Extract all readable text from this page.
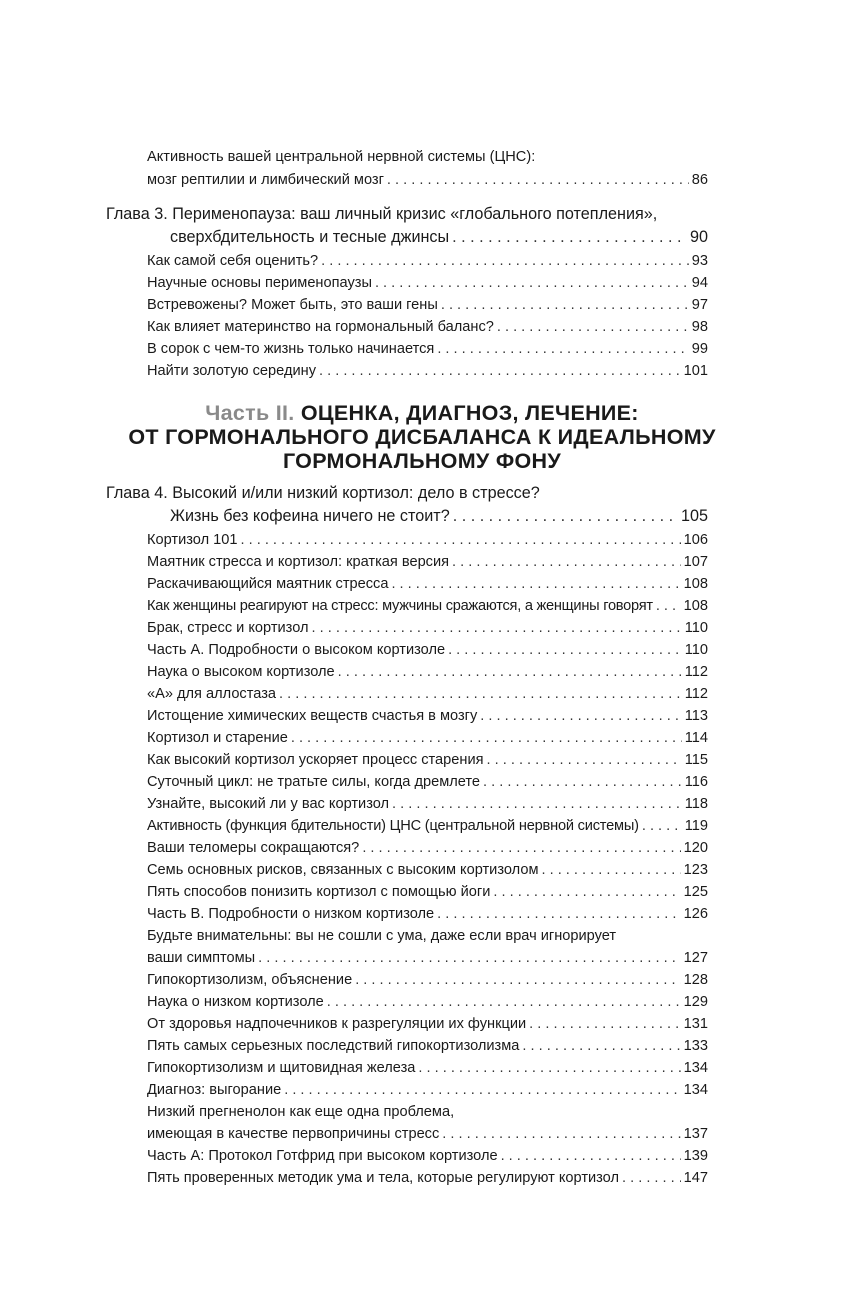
Активность вашей центральной нервной системы (ЦНС):
мозг рептилии и лимбический мозг . . .	86
Глава 3. Перименопауза: ваш личный кризис «глобального потепления»,
сверхбдительность и тесные джинсы . . .	90
Как самой себя оценить? . . .	93
Научные основы перименопаузы . . .	94
Встревожены? Может быть, это ваши гены . . .	97
Как влияет материнство на гормональный баланс? . . .	98
В сорок с чем-то жизнь только начинается . . .	99
Найти золотую середину . . .	101
Часть II. ОЦЕНКА, ДИАГНОЗ, ЛЕЧЕНИЕ:
ОТ ГОРМОНАЛЬНОГО ДИСБАЛАНСА К ИДЕАЛЬНОМУ
ГОРМОНАЛЬНОМУ ФОНУ
Глава 4. Высокий и/или низкий кортизол: дело в стрессе?
Жизнь без кофеина ничего не стоит? . . .	105
Кортизол 101 . . .	106
Маятник стресса и кортизол: краткая версия . . .	107
Раскачивающийся маятник стресса . . .	108
Как женщины реагируют на стресс: мужчины сражаются, а женщины говорят . . . 108
Брак, стресс и кортизол . . .	110
Часть А. Подробности о высоком кортизоле . . .	110
Наука о высоком кортизоле . . .	112
«А» для аллостаза . . .	112
Истощение химических веществ счастья в мозгу . . .	113
Кортизол и старение . . .	114
Как высокий кортизол ускоряет процесс старения . . .	115
Суточный цикл: не тратьте силы, когда дремлете . . .	116
Узнайте, высокий ли у вас кортизол . . .	118
Активность (функция бдительности) ЦНС (центральной нервной системы) . . .	119
Ваши теломеры сокращаются? . . .	120
Семь основных рисков, связанных с высоким кортизолом . . .	123
Пять способов понизить кортизол с помощью йоги . . .	125
Часть В. Подробности о низком кортизоле . . .	126
Будьте внимательны: вы не сошли с ума, даже если врач игнорирует
ваши симптомы . . .	127
Гипокортизолизм, объяснение . . .	128
Наука о низком кортизоле . . .	129
От здоровья надпочечников к разрегуляции их функции . . .	131
Пять самых серьезных последствий гипокортизолизма . . .	133
Гипокортизолизм и щитовидная железа . . .	134
Диагноз: выгорание . . .	134
Низкий прегненолон как еще одна проблема,
имеющая в качестве первопричины стресс . . .	137
Часть А: Протокол Готфрид при высоком кортизоле . . .	139
Пять проверенных методик ума и тела, которые регулируют кортизол . . .	147
